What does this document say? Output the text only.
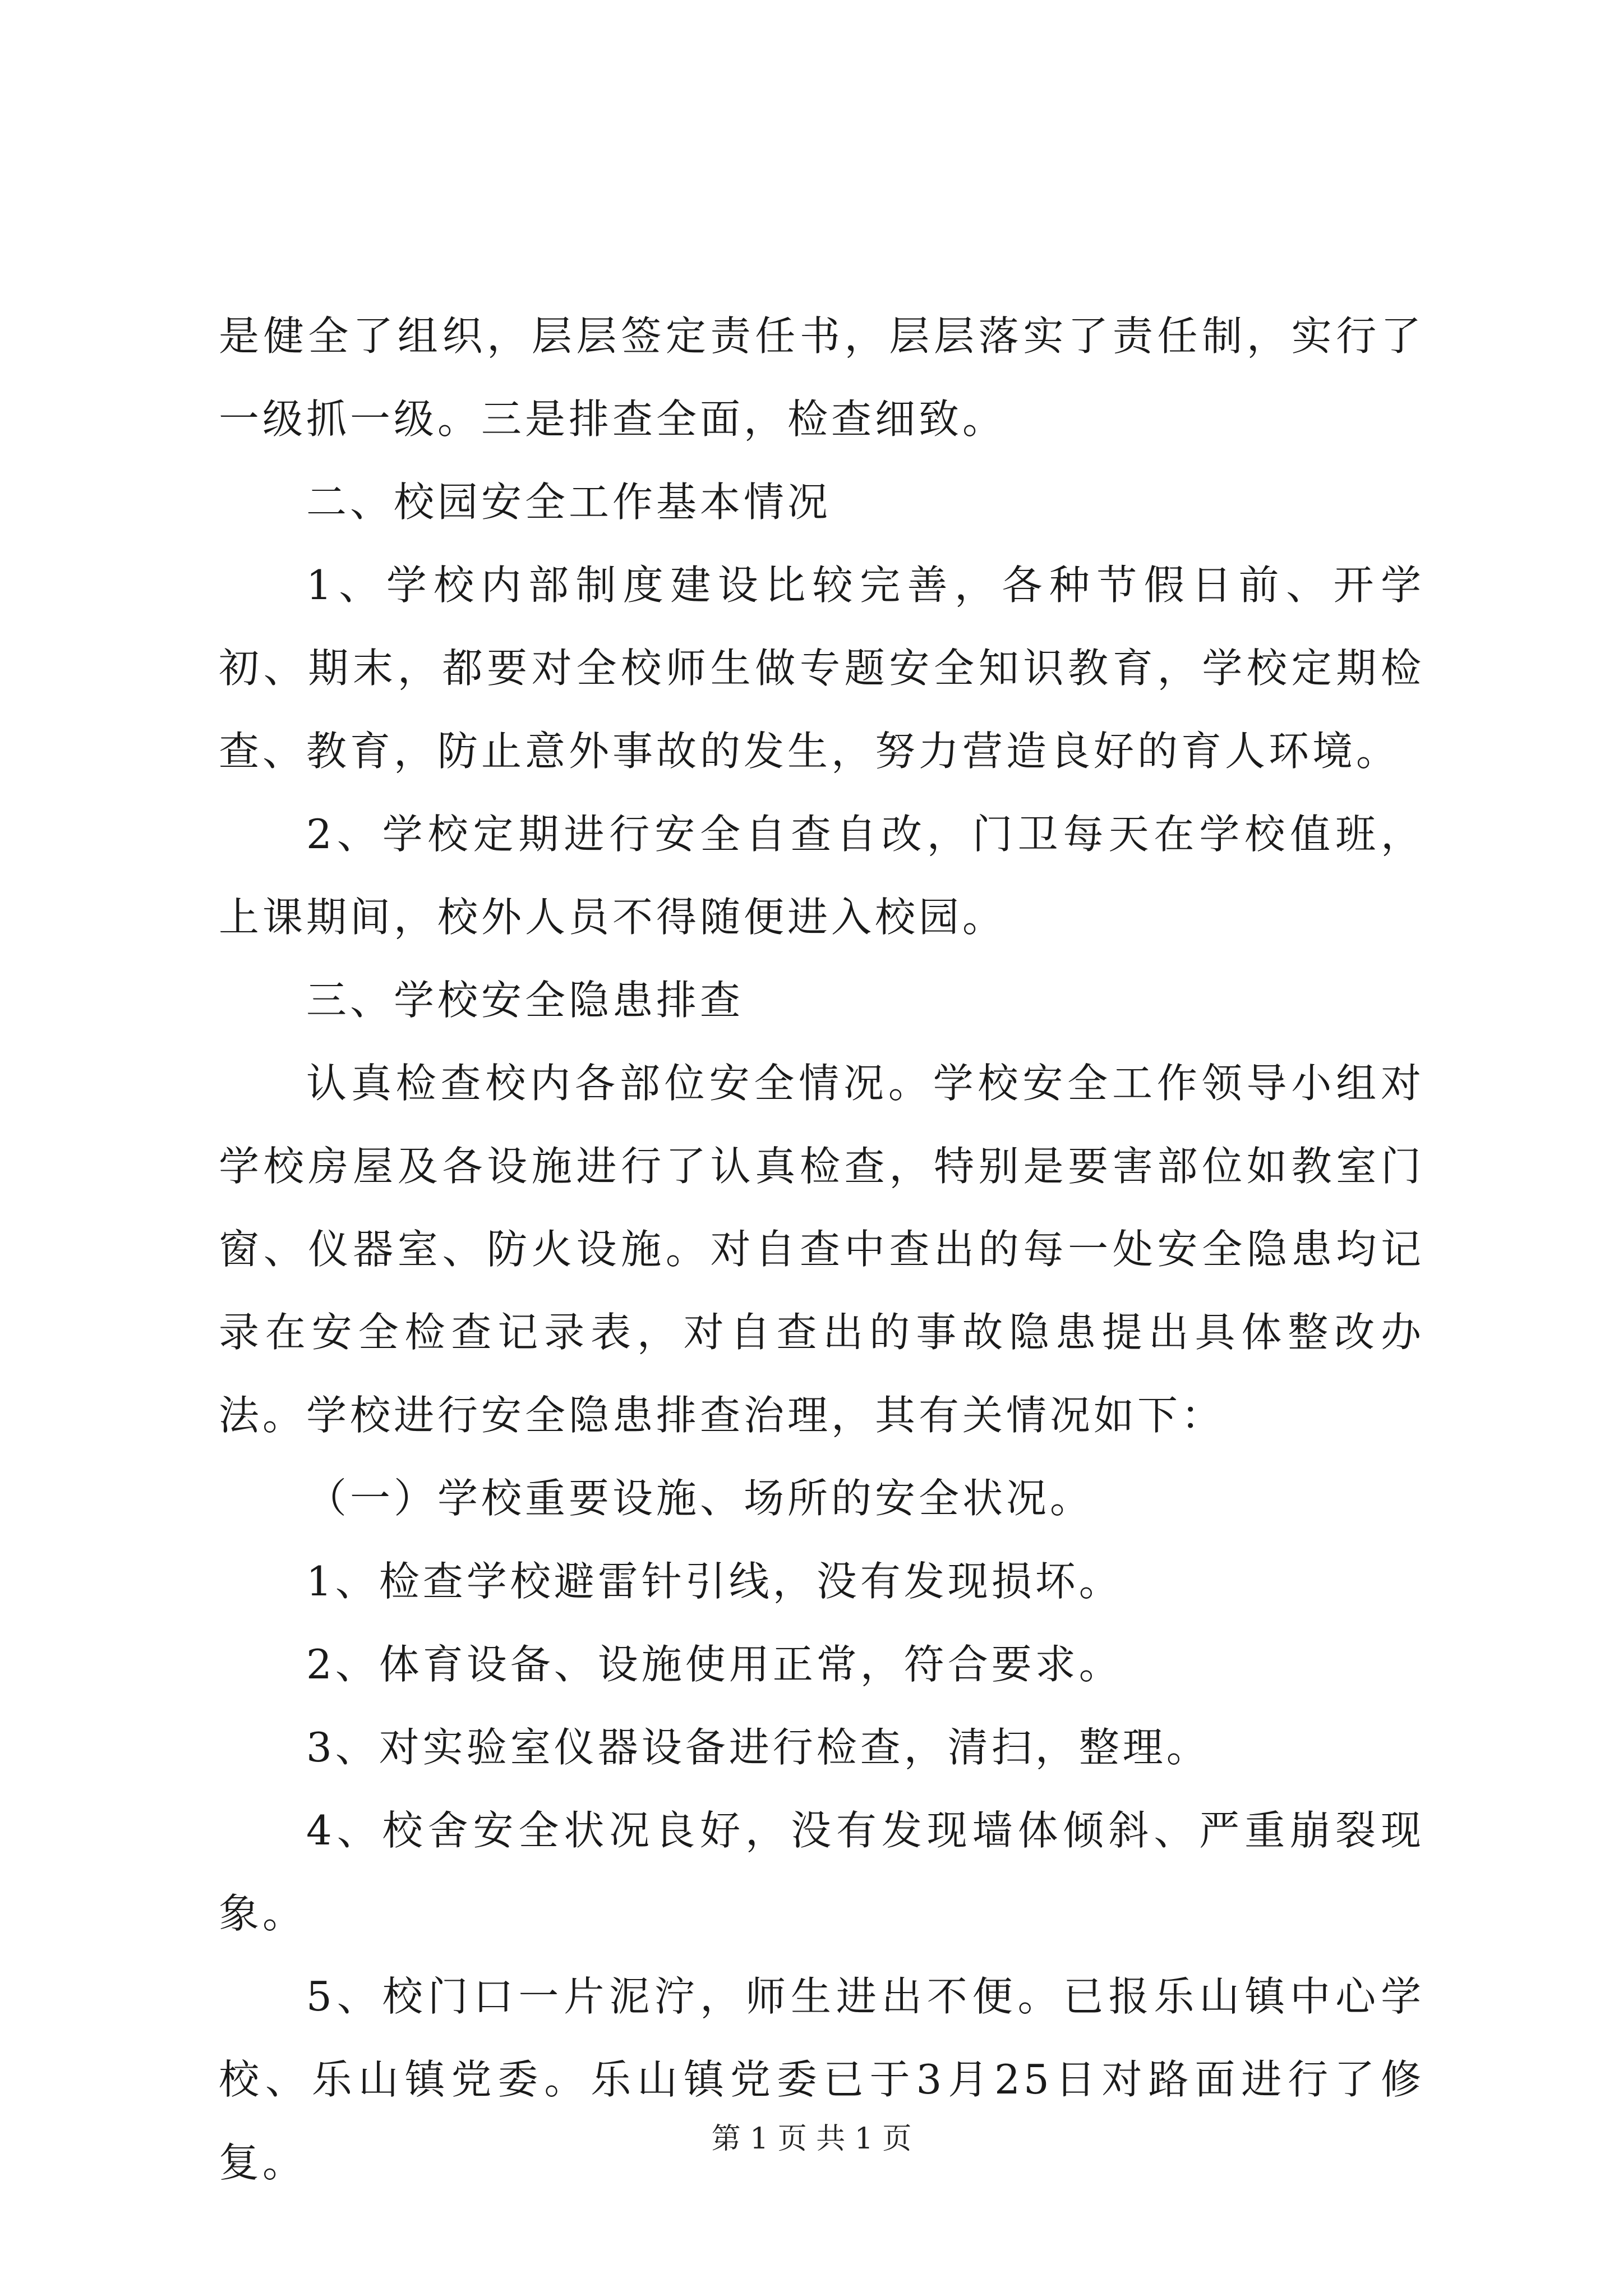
是健全了组织，层层签定责任书，层层落实了责任制，实行了一级抓一级。三是排查全面，检查细致。

二、校园安全工作基本情况

1、学校内部制度建设比较完善，各种节假日前、开学初、期末，都要对全校师生做专题安全知识教育，学校定期检查、教育，防止意外事故的发生，努力营造良好的育人环境。

2、学校定期进行安全自查自改，门卫每天在学校值班，上课期间，校外人员不得随便进入校园。

三、学校安全隐患排查

认真检查校内各部位安全情况。学校安全工作领导小组对学校房屋及各设施进行了认真检查，特别是要害部位如教室门窗、仪器室、防火设施。对自查中查出的每一处安全隐患均记录在安全检查记录表，对自查出的事故隐患提出具体整改办法。学校进行安全隐患排查治理，其有关情况如下：

（一）学校重要设施、场所的安全状况。

1、检查学校避雷针引线，没有发现损坏。

2、体育设备、设施使用正常，符合要求。

3、对实验室仪器设备进行检查，清扫，整理。

4、校舍安全状况良好，没有发现墙体倾斜、严重崩裂现象。

5、校门口一片泥泞，师生进出不便。已报乐山镇中心学校、乐山镇党委。乐山镇党委已于3月25日对路面进行了修复。	第 1 页 共 1 页
